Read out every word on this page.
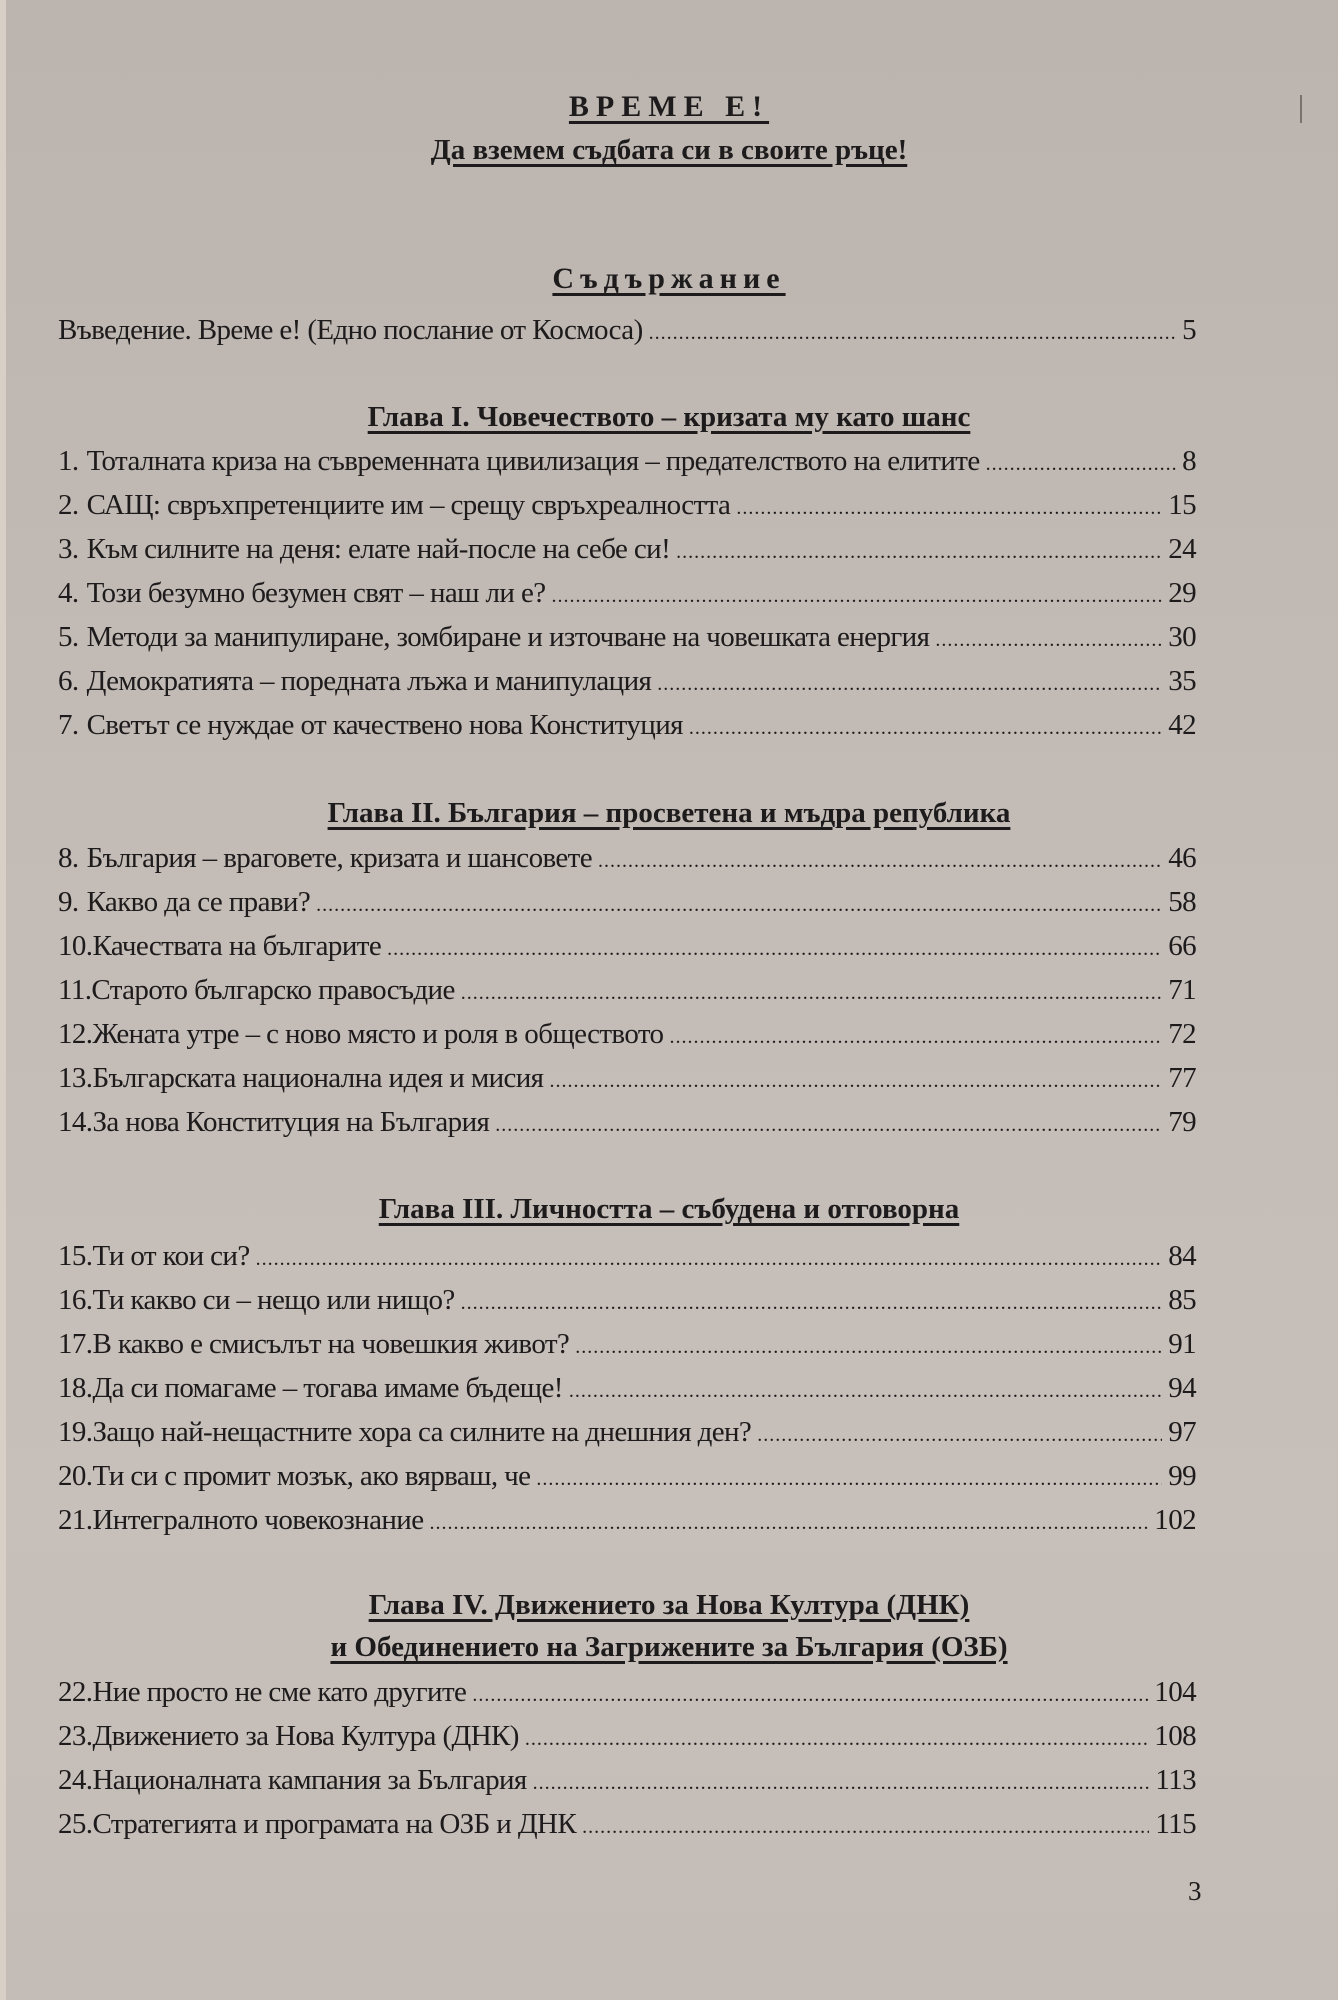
ВРЕМЕ Е!
Да вземем съдбата си в своите ръце!
Съдържание
Въведение. Време е! (Едно послание от Космоса) .....	5
Глава I. Човечеството – кризата му като шанс
1. Тоталната криза на съвременната цивилизация – предателството на елитите .....	8
2. САЩ: свръхпретенциите им – срещу свръхреалността .....	15
3. Към силните на деня: елате най-после на себе си! .....	24
4. Този безумно безумен свят – наш ли е? .....	29
5. Методи за манипулиране, зомбиране и източване на човешката енергия .....	30
6. Демократията – поредната лъжа и манипулация .....	35
7. Светът се нуждае от качествено нова Конституция .....	42
Глава II. България – просветена и мъдра република
8. България – враговете, кризата и шансовете .....	46
9. Какво да се прави? .....	58
10. Качествата на българите .....	66
11. Старото българско правосъдие .....	71
12. Жената утре – с ново място и роля в обществото .....	72
13. Българската национална идея и мисия .....	77
14. За нова Конституция на България .....	79
Глава III. Личността – събудена и отговорна
15. Ти от кои си? .....	84
16. Ти какво си – нещо или нищо? .....	85
17. В какво е смисълът на човешкия живот? .....	91
18. Да си помагаме – тогава имаме бъдеще! .....	94
19. Защо най-нещастните хора са силните на днешния ден? .....	97
20. Ти си с промит мозък, ако вярваш, че .....	99
21. Интегралното човекознание .....	102
Глава IV. Движението за Нова Култура (ДНК)
и Обединението на Загрижените за България (ОЗБ)
22. Ние просто не сме като другите .....	104
23. Движението за Нова Култура (ДНК) .....	108
24. Националната кампания за България .....	113
25. Стратегията и програмата на ОЗБ и ДНК .....	115
3
